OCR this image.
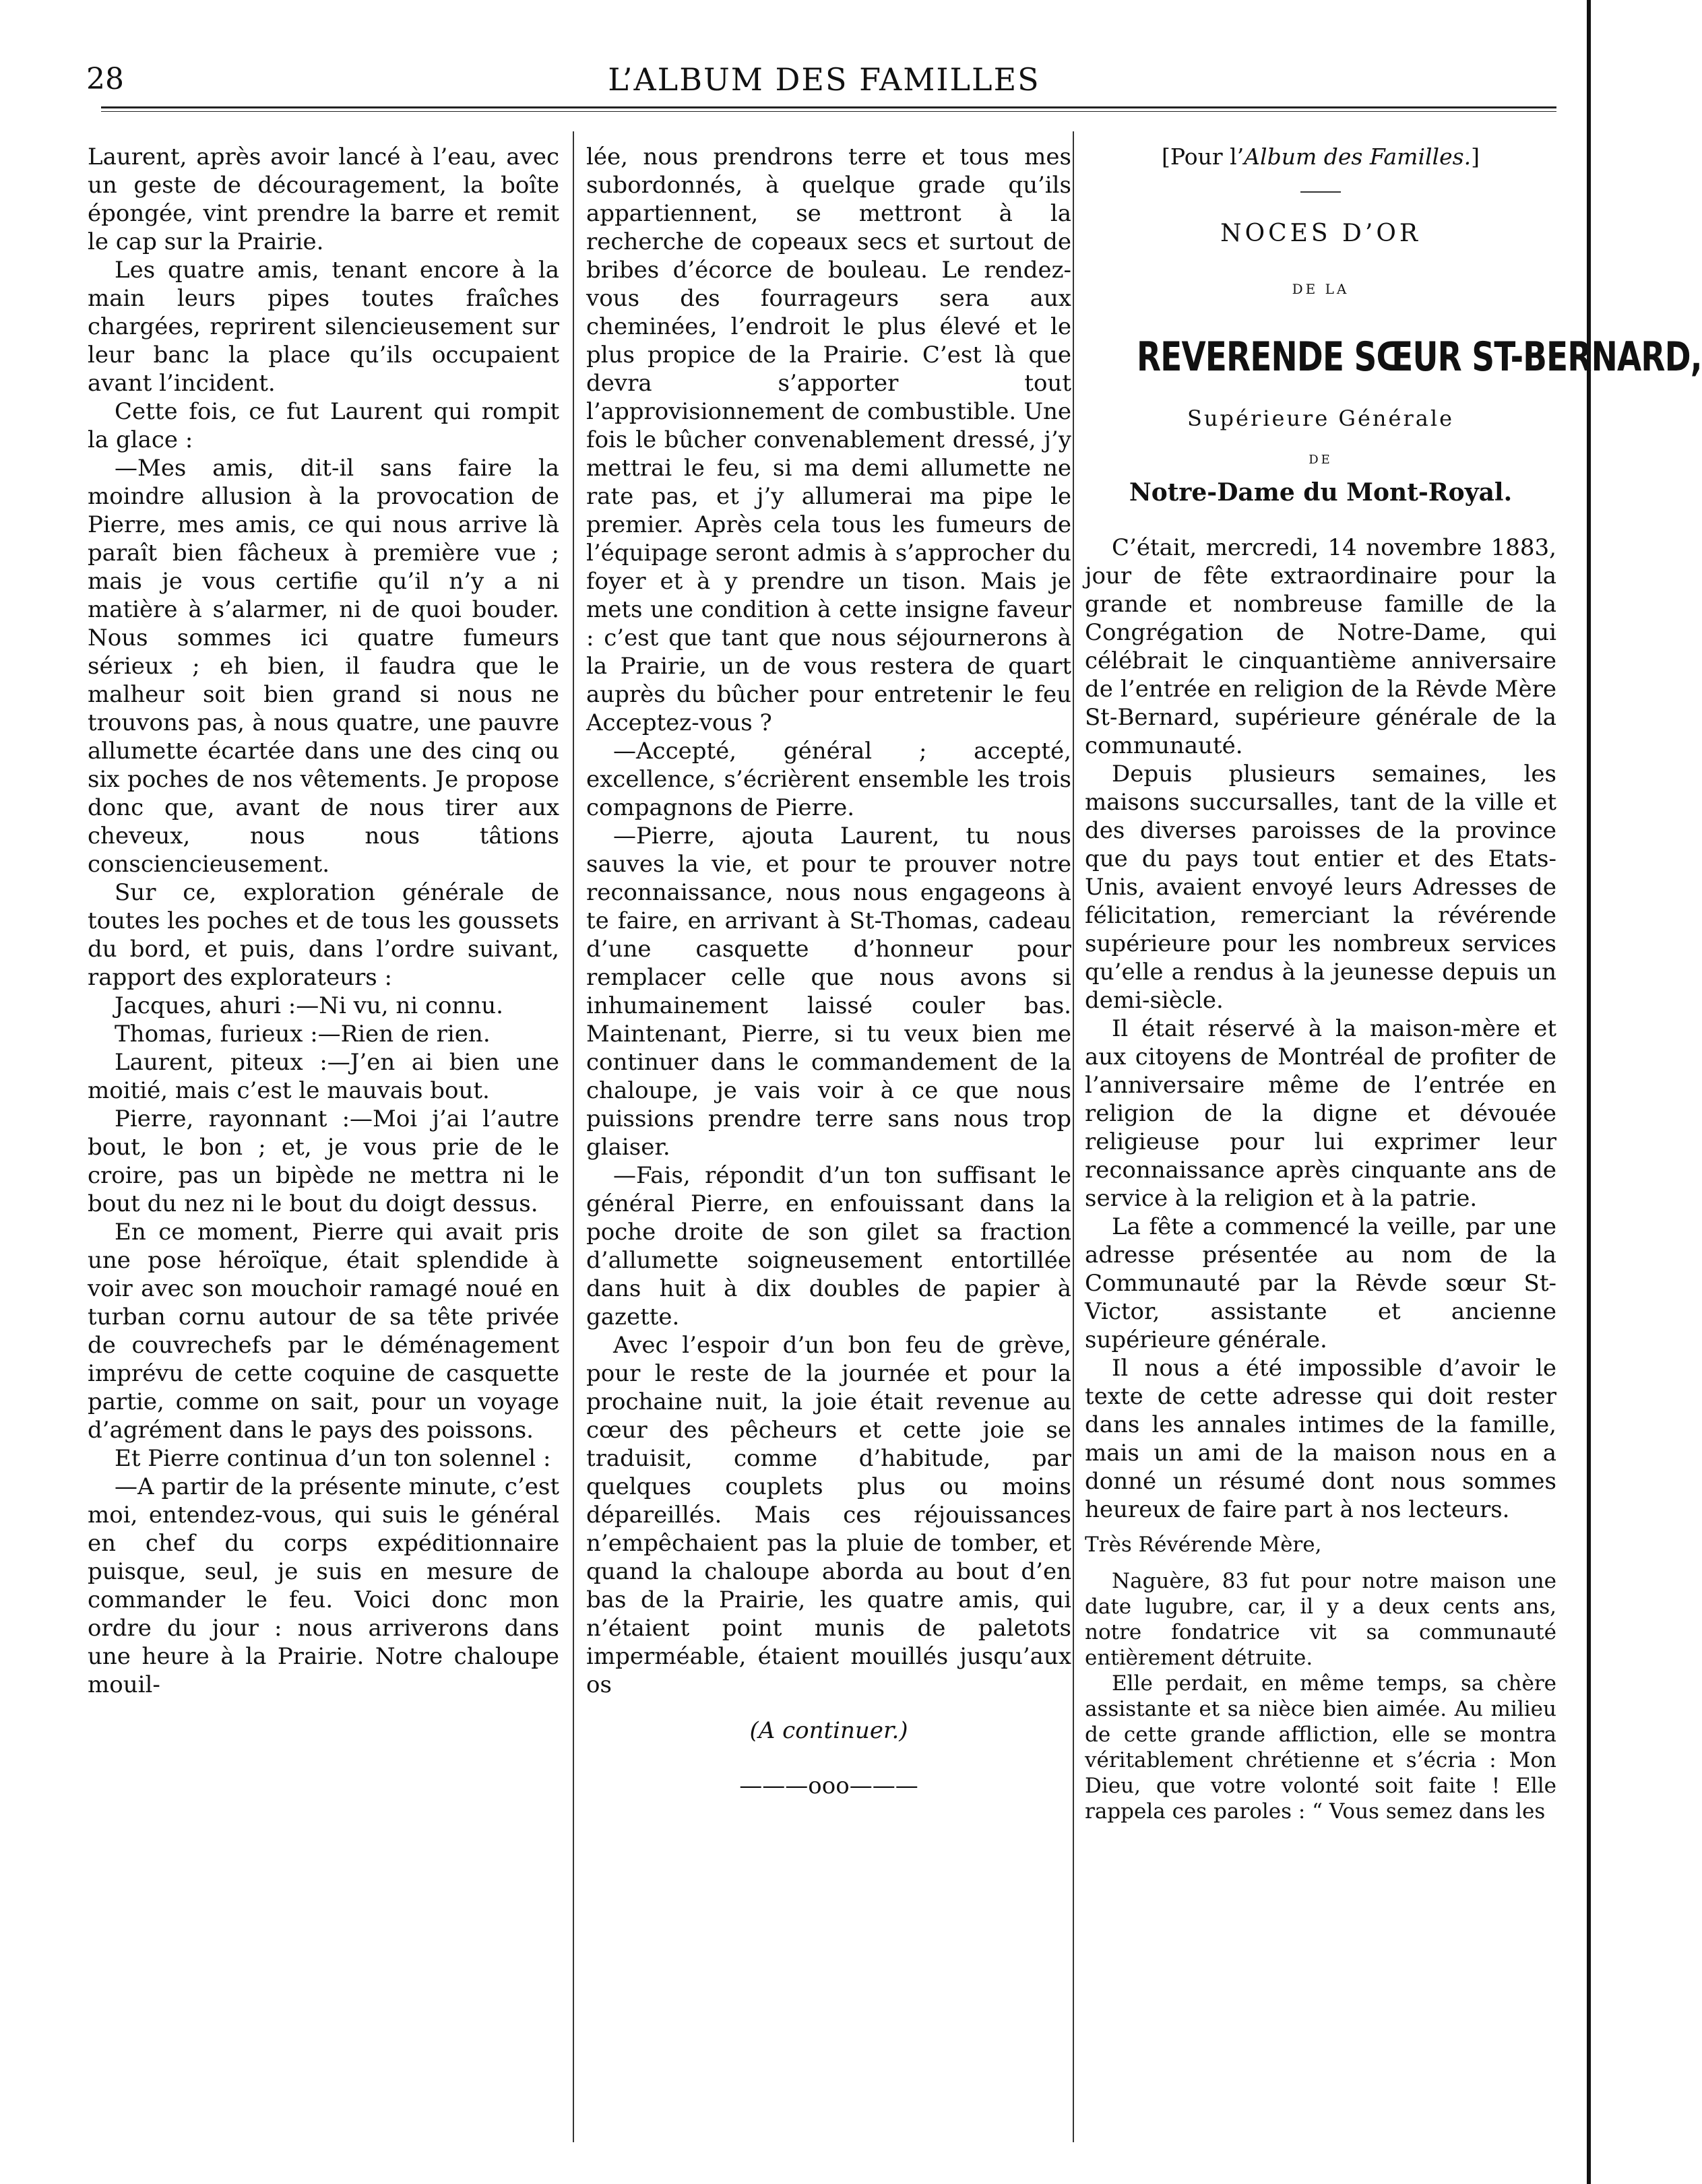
28	L’ALBUM DES FAMILLES

Laurent, après avoir lancé à l’eau, avec un geste de découragement, la boîte épongée, vint prendre la barre et remit le cap sur la Prairie.

Les quatre amis, tenant encore à la main leurs pipes toutes fraîches chargées, reprirent silencieusement sur leur banc la place qu’ils occupaient avant l’incident.

Cette fois, ce fut Laurent qui rompit la glace :

—Mes amis, dit-il sans faire la moindre allusion à la provocation de Pierre, mes amis, ce qui nous arrive là paraît bien fâcheux à première vue ; mais je vous certifie qu’il n’y a ni matière à s’alarmer, ni de quoi bouder. Nous sommes ici quatre fumeurs sérieux ; eh bien, il faudra que le malheur soit bien grand si nous ne trouvons pas, à nous quatre, une pauvre allumette écartée dans une des cinq ou six poches de nos vêtements. Je propose donc que, avant de nous tirer aux cheveux, nous nous tâtions consciencieusement.

Sur ce, exploration générale de toutes les poches et de tous les goussets du bord, et puis, dans l’ordre suivant, rapport des explorateurs :

Jacques, ahuri :—Ni vu, ni connu.

Thomas, furieux :—Rien de rien.

Laurent, piteux :—J’en ai bien une moitié, mais c’est le mauvais bout.

Pierre, rayonnant :—Moi j’ai l’autre bout, le bon ; et, je vous prie de le croire, pas un bipède ne mettra ni le bout du nez ni le bout du doigt dessus.

En ce moment, Pierre qui avait pris une pose héroïque, était splendide à voir avec son mouchoir ramagé noué en turban cornu autour de sa tête privée de couvrechefs par le déménagement imprévu de cette coquine de casquette partie, comme on sait, pour un voyage d’agrément dans le pays des poissons.

Et Pierre continua d’un ton solennel :

—A partir de la présente minute, c’est moi, entendez-vous, qui suis le général en chef du corps expéditionnaire puisque, seul, je suis en mesure de commander le feu. Voici donc mon ordre du jour : nous arriverons dans une heure à la Prairie. Notre chaloupe mouil-

lée, nous prendrons terre et tous mes subordonnés, à quelque grade qu’ils appartiennent, se mettront à la recherche de copeaux secs et surtout de bribes d’écorce de bouleau. Le rendez-vous des fourrageurs sera aux cheminées, l’endroit le plus élevé et le plus propice de la Prairie. C’est là que devra s’apporter tout l’approvisionnement de combustible. Une fois le bûcher convenablement dressé, j’y mettrai le feu, si ma demi allumette ne rate pas, et j’y allumerai ma pipe le premier. Après cela tous les fumeurs de l’équipage seront admis à s’approcher du foyer et à y prendre un tison. Mais je mets une condition à cette insigne faveur : c’est que tant que nous séjournerons à la Prairie, un de vous restera de quart auprès du bûcher pour entretenir le feu Acceptez-vous ?

—Accepté, général ; accepté, excellence, s’écrièrent ensemble les trois compagnons de Pierre.

—Pierre, ajouta Laurent, tu nous sauves la vie, et pour te prouver notre reconnaissance, nous nous engageons à te faire, en arrivant à St-Thomas, cadeau d’une casquette d’honneur pour remplacer celle que nous avons si inhumainement laissé couler bas. Maintenant, Pierre, si tu veux bien me continuer dans le commandement de la chaloupe, je vais voir à ce que nous puissions prendre terre sans nous trop glaiser.

—Fais, répondit d’un ton suffisant le général Pierre, en enfouissant dans la poche droite de son gilet sa fraction d’allumette soigneusement entortillée dans huit à dix doubles de papier à gazette.

Avec l’espoir d’un bon feu de grève, pour le reste de la journée et pour la prochaine nuit, la joie était revenue au cœur des pêcheurs et cette joie se traduisit, comme d’habitude, par quelques couplets plus ou moins dépareillés. Mais ces réjouissances n’empêchaient pas la pluie de tomber, et quand la chaloupe aborda au bout d’en bas de la Prairie, les quatre amis, qui n’étaient point munis de paletots imperméable, étaient mouillés jusqu’aux os

(A continuer.)

———ooo———

[Pour l’Album des Familles.]

NOCES D’OR

DE LA

REVERENDE SŒUR ST-BERNARD,

Supérieure Générale

DE

Notre-Dame du Mont-Royal.

C’était, mercredi, 14 novembre 1883, jour de fête extraordinaire pour la grande et nombreuse famille de la Congrégation de Notre-Dame, qui célébrait le cinquantième anniversaire de l’entrée en religion de la Rėvde Mère St-Bernard, supérieure générale de la communauté.

Depuis plusieurs semaines, les maisons succursalles, tant de la ville et des diverses paroisses de la province que du pays tout entier et des Etats-Unis, avaient envoyé leurs Adresses de félicitation, remerciant la révérende supérieure pour les nombreux services qu’elle a rendus à la jeunesse depuis un demi-siècle.

Il était réservé à la maison-mère et aux citoyens de Montréal de profiter de l’anniversaire même de l’entrée en religion de la digne et dévouée religieuse pour lui exprimer leur reconnaissance après cinquante ans de service à la religion et à la patrie.

La fête a commencé la veille, par une adresse présentée au nom de la Communauté par la Rėvde sœur St-Victor, assistante et ancienne supérieure générale.

Il nous a été impossible d’avoir le texte de cette adresse qui doit rester dans les annales intimes de la famille, mais un ami de la maison nous en a donné un résumé dont nous sommes heureux de faire part à nos lecteurs.

Très Révérende Mère,

Naguère, 83 fut pour notre maison une date lugubre, car, il y a deux cents ans, notre fondatrice vit sa communauté entièrement détruite.

Elle perdait, en même temps, sa chère assistante et sa nièce bien aimée. Au milieu de cette grande affliction, elle se montra véritablement chrétienne et s’écria : Mon Dieu, que votre volonté soit faite ! Elle rappela ces paroles : “ Vous semez dans les
